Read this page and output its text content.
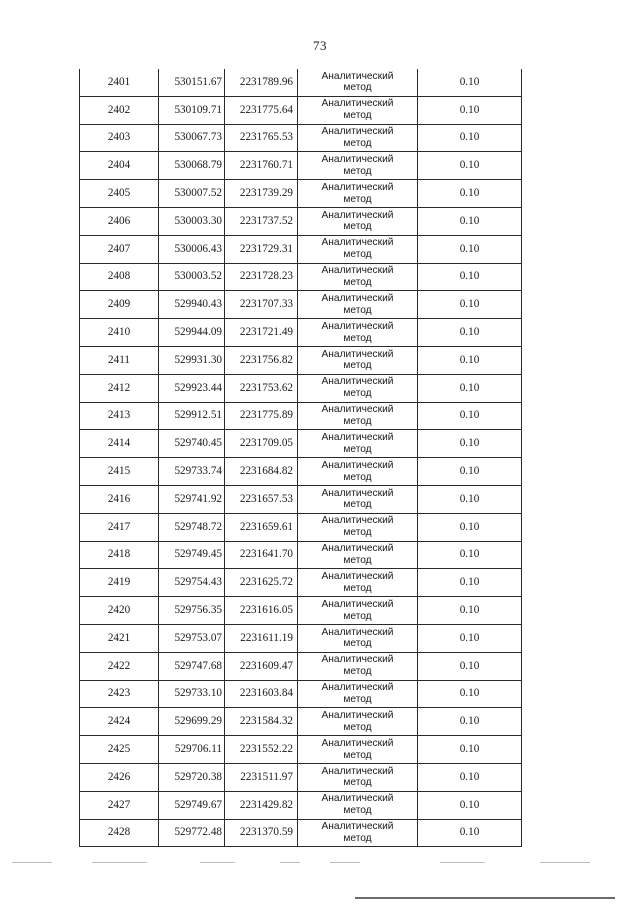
73
2401	530151.67	2231789.96	Аналитический
метод	0.10
2402	530109.71	2231775.64	Аналитический
метод	0.10
2403	530067.73	2231765.53	Аналитический
метод	0.10
2404	530068.79	2231760.71	Аналитический
метод	0.10
2405	530007.52	2231739.29	Аналитический
метод	0.10
2406	530003.30	2231737.52	Аналитический
метод	0.10
2407	530006.43	2231729.31	Аналитический
метод	0.10
2408	530003.52	2231728.23	Аналитический
метод	0.10
2409	529940.43	2231707.33	Аналитический
метод	0.10
2410	529944.09	2231721.49	Аналитический
метод	0.10
2411	529931.30	2231756.82	Аналитический
метод	0.10
2412	529923.44	2231753.62	Аналитический
метод	0.10
2413	529912.51	2231775.89	Аналитический
метод	0.10
2414	529740.45	2231709.05	Аналитический
метод	0.10
2415	529733.74	2231684.82	Аналитический
метод	0.10
2416	529741.92	2231657.53	Аналитический
метод	0.10
2417	529748.72	2231659.61	Аналитический
метод	0.10
2418	529749.45	2231641.70	Аналитический
метод	0.10
2419	529754.43	2231625.72	Аналитический
метод	0.10
2420	529756.35	2231616.05	Аналитический
метод	0.10
2421	529753.07	2231611.19	Аналитический
метод	0.10
2422	529747.68	2231609.47	Аналитический
метод	0.10
2423	529733.10	2231603.84	Аналитический
метод	0.10
2424	529699.29	2231584.32	Аналитический
метод	0.10
2425	529706.11	2231552.22	Аналитический
метод	0.10
2426	529720.38	2231511.97	Аналитический
метод	0.10
2427	529749.67	2231429.82	Аналитический
метод	0.10
2428	529772.48	2231370.59	Аналитический
метод	0.10
